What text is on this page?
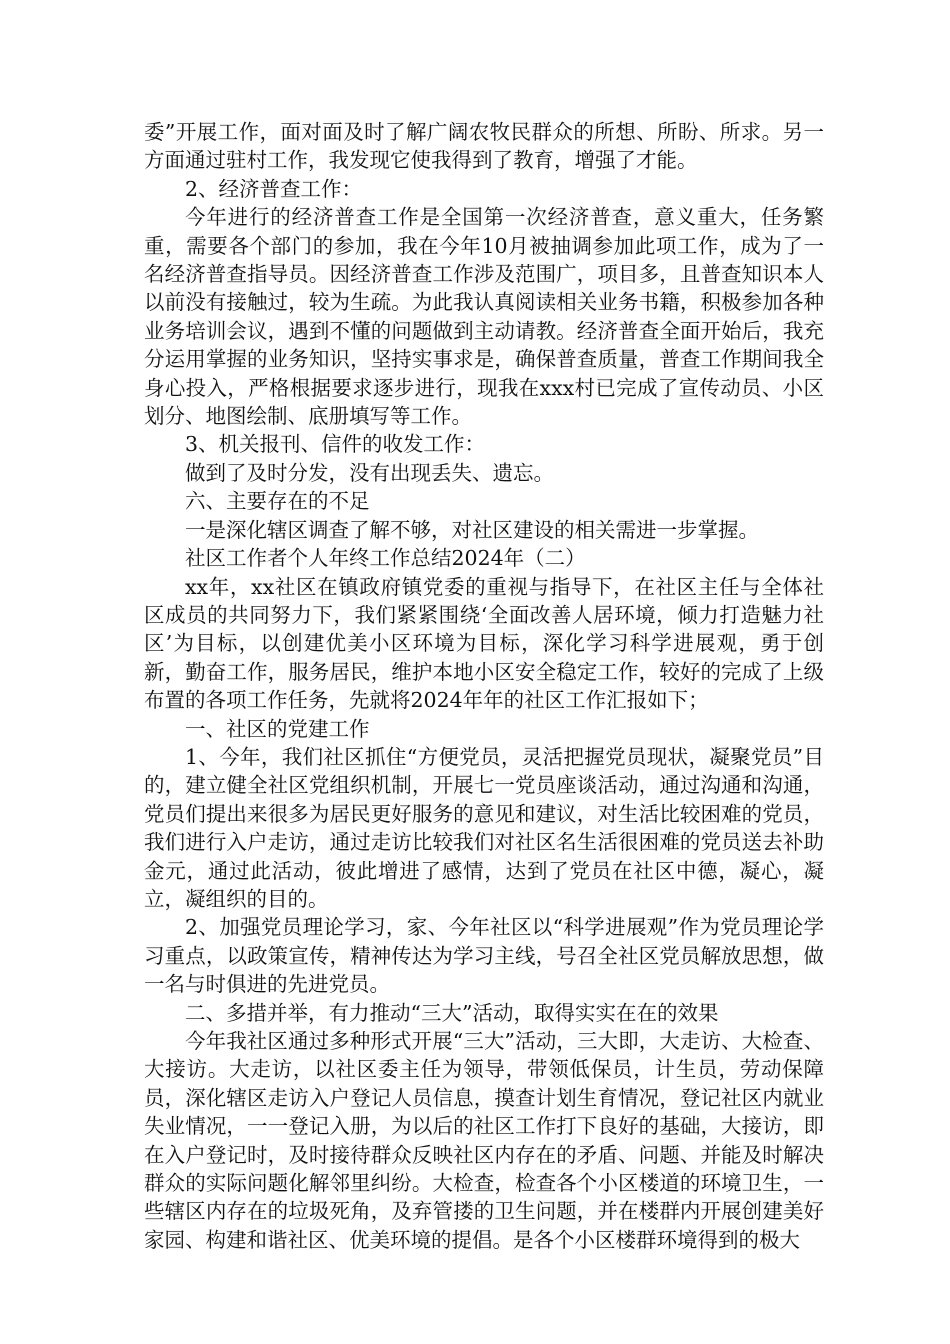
委”开展工作，面对面及时了解广阔农牧民群众的所想、所盼、所求。另一方面通过驻村工作，我发现它使我得到了教育，增强了才能。

2、经济普查工作：

今年进行的经济普查工作是全国第一次经济普查，意义重大，任务繁重，需要各个部门的参加，我在今年10月被抽调参加此项工作，成为了一名经济普查指导员。因经济普查工作涉及范围广，项目多，且普查知识本人以前没有接触过，较为生疏。为此我认真阅读相关业务书籍，积极参加各种业务培训会议，遇到不懂的问题做到主动请教。经济普查全面开始后，我充分运用掌握的业务知识，坚持实事求是，确保普查质量，普查工作期间我全身心投入，严格根据要求逐步进行，现我在xxx村已完成了宣传动员、小区划分、地图绘制、底册填写等工作。

3、机关报刊、信件的收发工作：

做到了及时分发，没有出现丢失、遗忘。

六、主要存在的不足

一是深化辖区调查了解不够，对社区建设的相关需进一步掌握。

社区工作者个人年终工作总结2024年（二）

xx年，xx社区在镇政府镇党委的重视与指导下，在社区主任与全体社区成员的共同努力下，我们紧紧围绕‘全面改善人居环境，倾力打造魅力社区’为目标，以创建优美小区环境为目标，深化学习科学进展观，勇于创新，勤奋工作，服务居民，维护本地小区安全稳定工作，较好的完成了上级布置的各项工作任务，先就将2024年年的社区工作汇报如下；

一、社区的党建工作

1、今年，我们社区抓住“方便党员，灵活把握党员现状，凝聚党员”目的，建立健全社区党组织机制，开展七一党员座谈活动，通过沟通和沟通，党员们提出来很多为居民更好服务的意见和建议，对生活比较困难的党员，我们进行入户走访，通过走访比较我们对社区名生活很困难的党员送去补助金元，通过此活动，彼此增进了感情，达到了党员在社区中德，凝心，凝立，凝组织的目的。

2、加强党员理论学习，家、今年社区以“科学进展观”作为党员理论学习重点，以政策宣传，精神传达为学习主线，号召全社区党员解放思想，做一名与时俱进的先进党员。

二、多措并举，有力推动“三大”活动，取得实实在在的效果

今年我社区通过多种形式开展“三大”活动，三大即，大走访、大检查、大接访。大走访，以社区委主任为领导，带领低保员，计生员，劳动保障员，深化辖区走访入户登记人员信息，摸查计划生育情况，登记社区内就业失业情况，一一登记入册，为以后的社区工作打下良好的基础，大接访，即在入户登记时，及时接待群众反映社区内存在的矛盾、问题、并能及时解决群众的实际问题化解邻里纠纷。大检查，检查各个小区楼道的环境卫生，一些辖区内存在的垃圾死角，及弃管搂的卫生问题，并在楼群内开展创建美好家园、构建和谐社区、优美环境的提倡。是各个小区楼群环境得到的极大
